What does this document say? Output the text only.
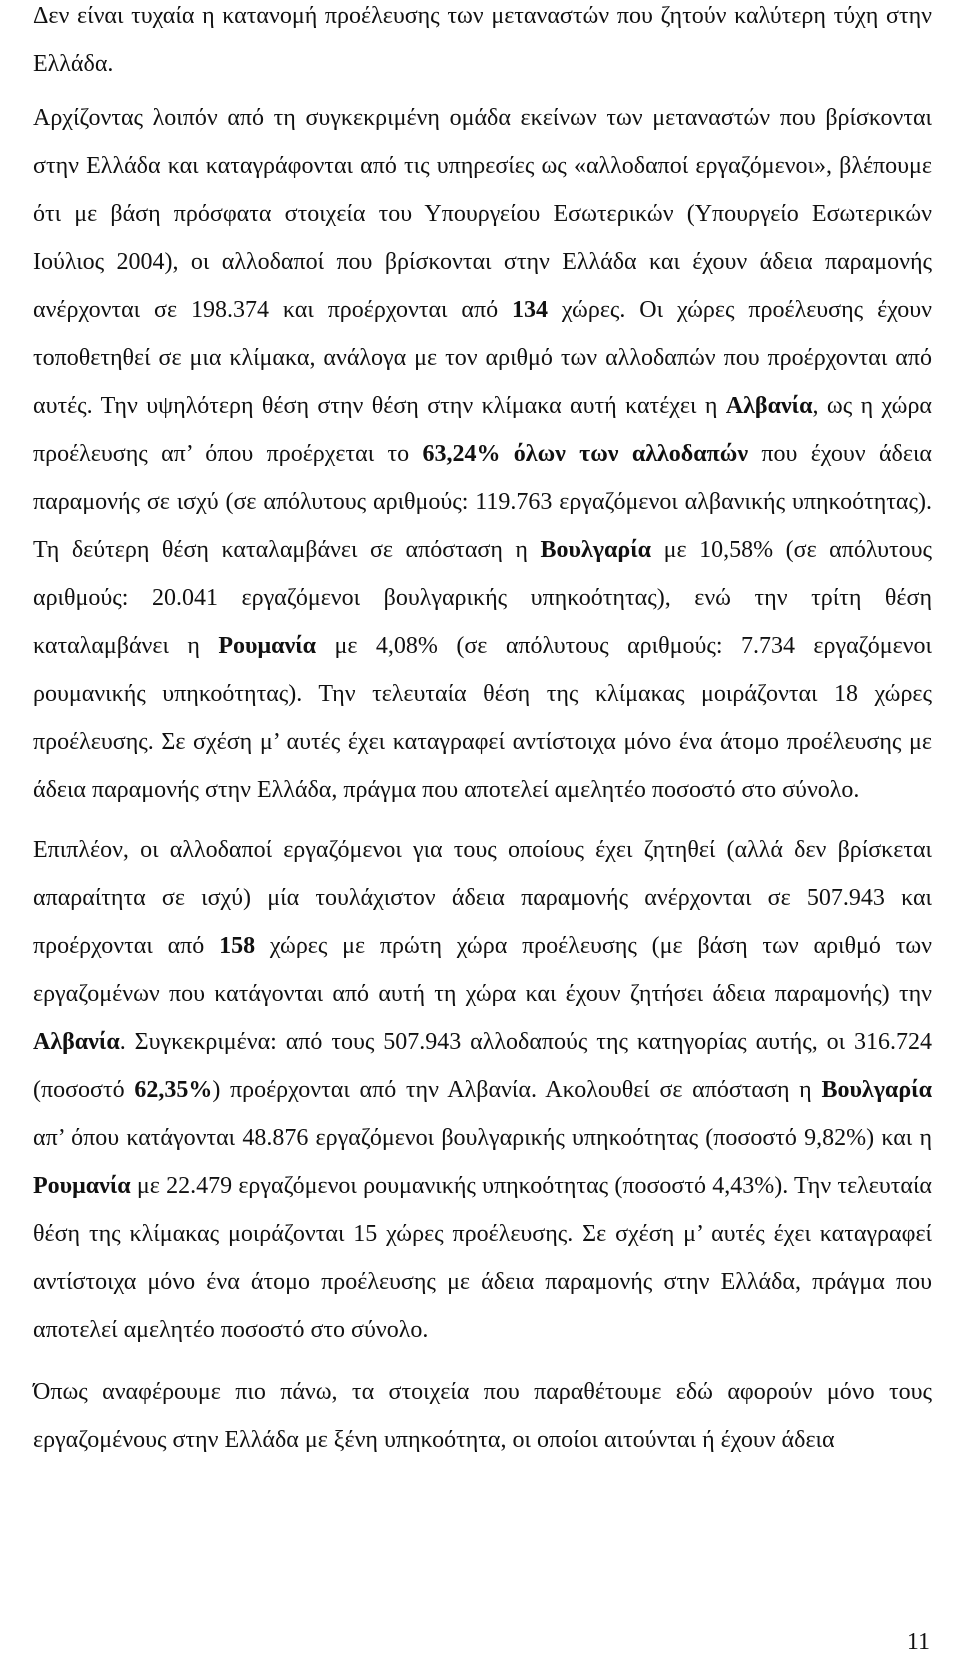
Δεν είναι τυχαία η κατανομή προέλευσης των μεταναστών που ζητούν καλύτερη τύχη στην Ελλάδα.

Αρχίζοντας λοιπόν από τη συγκεκριμένη ομάδα εκείνων των μεταναστών που βρίσκονται στην Ελλάδα και καταγράφονται από τις υπηρεσίες ως «αλλοδαποί εργαζόμενοι», βλέπουμε ότι με βάση πρόσφατα στοιχεία του Υπουργείου Εσωτερικών (Υπουργείο Εσωτερικών Ιούλιος 2004), οι αλλοδαποί που βρίσκονται στην Ελλάδα και έχουν άδεια παραμονής ανέρχονται σε 198.374 και προέρχονται από 134 χώρες. Οι χώρες προέλευσης έχουν τοποθετηθεί σε μια κλίμακα, ανάλογα με τον αριθμό των αλλοδαπών που προέρχονται από αυτές. Την υψηλότερη θέση στην θέση στην κλίμακα αυτή κατέχει η Αλβανία, ως η χώρα προέλευσης απ’ όπου προέρχεται το 63,24% όλων των αλλοδαπών που έχουν άδεια παραμονής σε ισχύ (σε απόλυτους αριθμούς: 119.763 εργαζόμενοι αλβανικής υπηκοότητας). Τη δεύτερη θέση καταλαμβάνει σε απόσταση η Βουλγαρία με 10,58% (σε απόλυτους αριθμούς: 20.041 εργαζόμενοι βουλγαρικής υπηκοότητας), ενώ την τρίτη θέση καταλαμβάνει η Ρουμανία με 4,08% (σε απόλυτους αριθμούς: 7.734 εργαζόμενοι ρουμανικής υπηκοότητας). Την τελευταία θέση της κλίμακας μοιράζονται 18 χώρες προέλευσης. Σε σχέση μ’ αυτές έχει καταγραφεί αντίστοιχα μόνο ένα άτομο προέλευσης με άδεια παραμονής στην Ελλάδα, πράγμα που αποτελεί αμελητέο ποσοστό στο σύνολο.

Επιπλέον, οι αλλοδαποί εργαζόμενοι για τους οποίους έχει ζητηθεί (αλλά δεν βρίσκεται απαραίτητα σε ισχύ) μία τουλάχιστον άδεια παραμονής ανέρχονται σε 507.943 και προέρχονται από 158 χώρες με πρώτη χώρα προέλευσης (με βάση των αριθμό των εργαζομένων που κατάγονται από αυτή τη χώρα και έχουν ζητήσει άδεια παραμονής) την Αλβανία. Συγκεκριμένα: από τους 507.943 αλλοδαπούς της κατηγορίας αυτής, οι 316.724 (ποσοστό 62,35%) προέρχονται από την Αλβανία. Ακολουθεί σε απόσταση η Βουλγαρία απ’ όπου κατάγονται 48.876 εργαζόμενοι βουλγαρικής υπηκοότητας (ποσοστό 9,82%) και η Ρουμανία με 22.479 εργαζόμενοι ρουμανικής υπηκοότητας (ποσοστό 4,43%). Την τελευταία θέση της κλίμακας μοιράζονται 15 χώρες προέλευσης. Σε σχέση μ’ αυτές έχει καταγραφεί αντίστοιχα μόνο ένα άτομο προέλευσης με άδεια παραμονής στην Ελλάδα, πράγμα που αποτελεί αμελητέο ποσοστό στο σύνολο.

Όπως αναφέρουμε πιο πάνω, τα στοιχεία που παραθέτουμε εδώ αφορούν μόνο τους εργαζομένους στην Ελλάδα με ξένη υπηκοότητα, οι οποίοι αιτούνται ή έχουν άδεια

11
